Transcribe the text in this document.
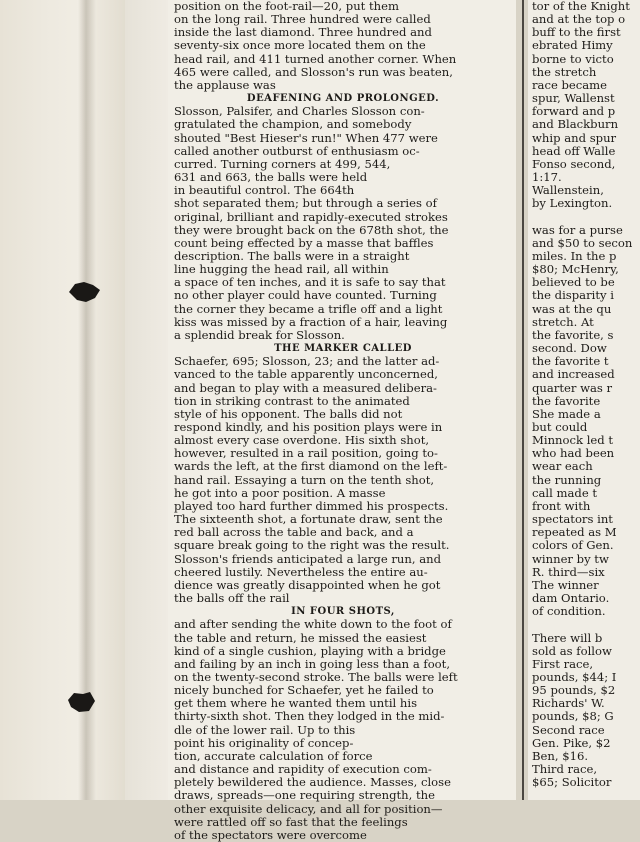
position on the foot-rail—20, put them
on the long rail. Three hundred were called
inside the last diamond. Three hundred and
seventy-six once more located them on the
head rail, and 411 turned another corner. When
465 were called, and Slosson's run was beaten,
the applause was
DEAFENING AND PROLONGED.
Slosson, Palsifer, and Charles Slosson con-
gratulated the champion, and somebody
shouted "Best Hieser's run!" When 477 were
called another outburst of enthusiasm oc-
curred. Turning corners at 499, 544,
631 and 663, the balls were held
in beautiful control. The 664th
shot separated them; but through a series of
original, brilliant and rapidly-executed strokes
they were brought back on the 678th shot, the
count being effected by a masse that baffles
description. The balls were in a straight
line hugging the head rail, all within
a space of ten inches, and it is safe to say that
no other player could have counted. Turning
the corner they became a trifle off and a light
kiss was missed by a fraction of a hair, leaving
a splendid break for Slosson.
THE MARKER CALLED
Schaefer, 695; Slosson, 23; and the latter ad-
vanced to the table apparently unconcerned,
and began to play with a measured delibera-
tion in striking contrast to the animated
style of his opponent. The balls did not
respond kindly, and his position plays were in
almost every case overdone. His sixth shot,
however, resulted in a rail position, going to-
wards the left, at the first diamond on the left-
hand rail. Essaying a turn on the tenth shot,
he got into a poor position. A masse
played too hard further dimmed his prospects.
The sixteenth shot, a fortunate draw, sent the
red ball across the table and back, and a
square break going to the right was the result.
Slosson's friends anticipated a large run, and
cheered lustily. Nevertheless the entire au-
dience was greatly disappointed when he got
the balls off the rail
IN FOUR SHOTS,
and after sending the white down to the foot of
the table and return, he missed the easiest
kind of a single cushion, playing with a bridge
and failing by an inch in going less than a foot,
on the twenty-second stroke. The balls were left
nicely bunched for Schaefer, yet he failed to
get them where he wanted them until his
thirty-sixth shot. Then they lodged in the mid-
dle of the lower rail. Up to this
point his originality of concep-
tion, accurate calculation of force
and distance and rapidity of execution com-
pletely bewildered the audience. Masses, close
draws, spreads—one requiring strength, the
other exquisite delicacy, and all for position—
were rattled off so fast that the feelings
of the spectators were overcome
tor of the Knight
and at the top o
buff to the first
ebrated Himy
borne to victo
the stretch
race became
spur, Wallenst
forward and p
and Blackburn
whip and spur
head off Walle
Fonso second,
1:17.
Wallenstein,
by Lexington.

was for a purse
and $50 to secon
miles. In the p
$80; McHenry,
believed to be
the disparity i
was at the qu
stretch. At
the favorite, s
second. Dow
the favorite t
and increased
quarter was r
the favorite
She made a
but could
Minnock led t
who had been
wear each
the running
call made t
front with
spectators int
repeated as M
colors of Gen.
winner by tw
R. third—six
The winner
dam Ontario.
of condition.

There will b
sold as follow
First race,
pounds, $44; I
95 pounds, $2
Richards' W.
pounds, $8; G
Second race
Gen. Pike, $2
Ben, $16.
Third race,
$65; Solicitor
